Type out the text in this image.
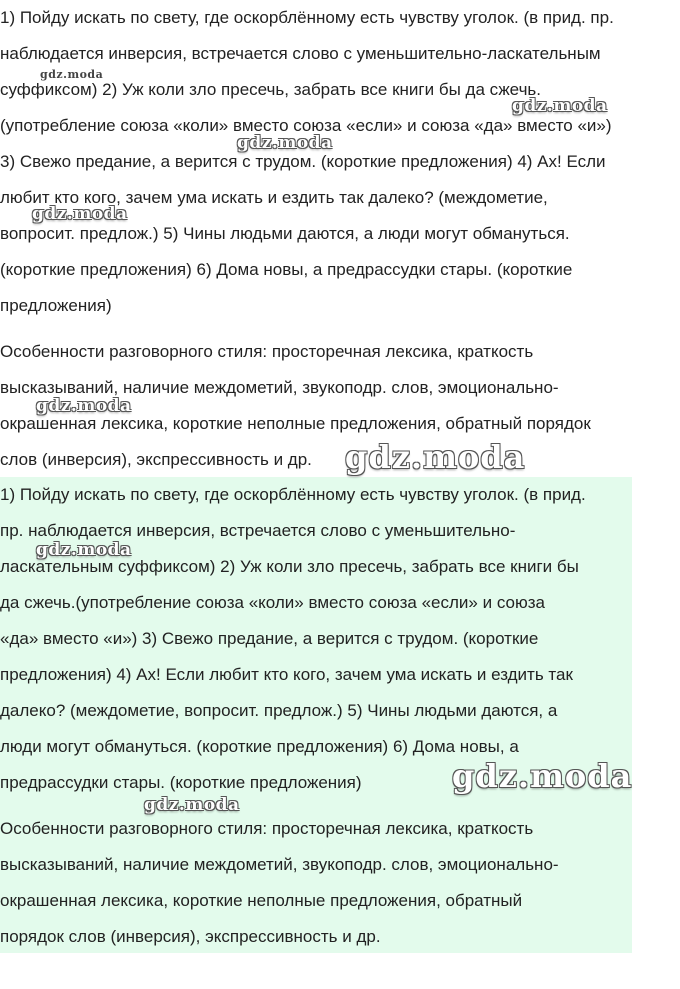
1) Пойду искать по свету, где оскорблённому есть чувству уголок. (в прид. пр.
наблюдается инверсия, встречается слово с уменьшительно-ласкательным
суффиксом) 2) Уж коли зло пресечь, забрать все книги бы да сжечь.
(употребление союза «коли» вместо союза «если» и союза «да» вместо «и»)
3) Свежо предание, а верится с трудом. (короткие предложения) 4) Ах! Если
любит кто кого, зачем ума искать и ездить так далеко? (междометие,
вопросит. предлож.) 5) Чины людьми даются, а люди могут обмануться.
(короткие предложения) 6) Дома новы, а предрассудки стары. (короткие
предложения)
Особенности разговорного стиля: просторечная лексика, краткость
высказываний, наличие междометий, звукоподр. слов, эмоционально-
окрашенная лексика, короткие неполные предложения, обратный порядок
слов (инверсия), экспрессивность и др.
1) Пойду искать по свету, где оскорблённому есть чувству уголок. (в прид.
пр. наблюдается инверсия, встречается слово с уменьшительно-
ласкательным суффиксом) 2) Уж коли зло пресечь, забрать все книги бы
да сжечь.(употребление союза «коли» вместо союза «если» и союза
«да» вместо «и») 3) Свежо предание, а верится с трудом. (короткие
предложения) 4) Ах! Если любит кто кого, зачем ума искать и ездить так
далеко? (междометие, вопросит. предлож.) 5) Чины людьми даются, а
люди могут обмануться. (короткие предложения) 6) Дома новы, а
предрассудки стары. (короткие предложения)
Особенности разговорного стиля: просторечная лексика, краткость
высказываний, наличие междометий, звукоподр. слов, эмоционально-
окрашенная лексика, короткие неполные предложения, обратный
порядок слов (инверсия), экспрессивность и др.
gdz.moda
gdz.moda
gdz.moda
gdz.moda
gdz.moda
gdz.moda
gdz.moda
gdz.moda
gdz.moda
